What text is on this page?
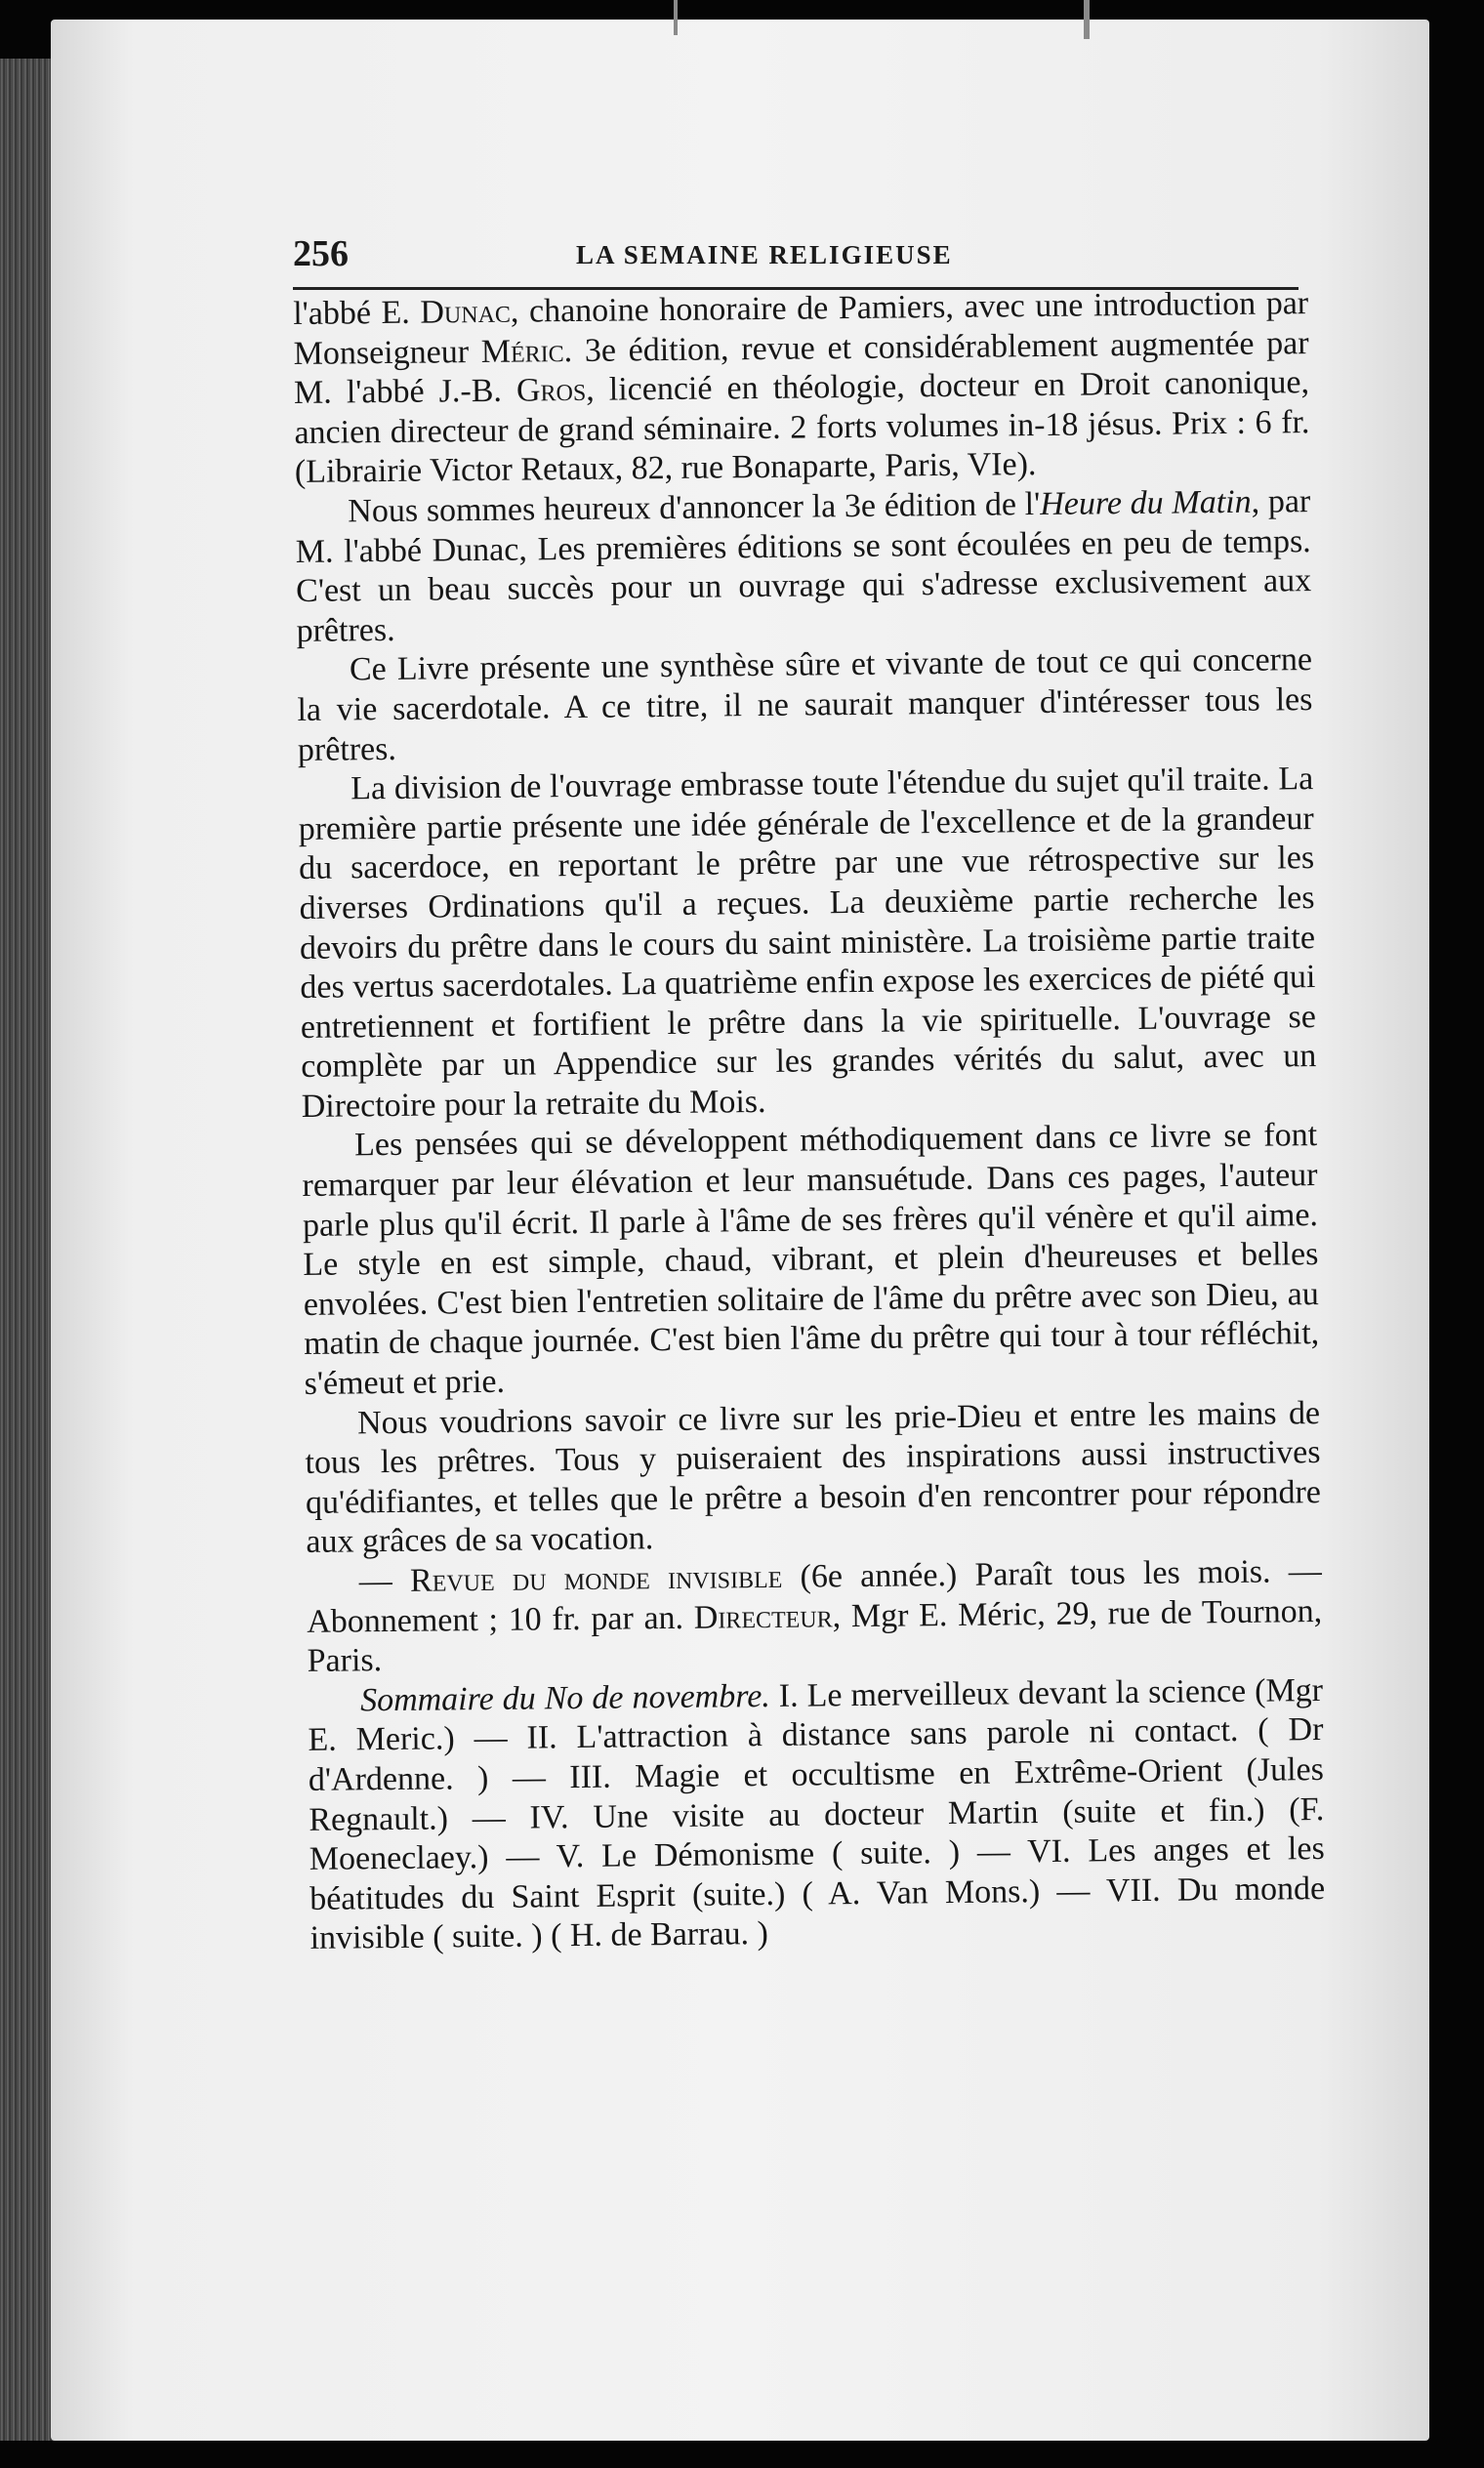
256	LA SEMAINE RELIGIEUSE

l'abbé E. Dunac, chanoine honoraire de Pamiers, avec une introduction par Monseigneur Méric. 3e édition, revue et considérablement augmentée par M. l'abbé J.-B. Gros, licencié en théologie, docteur en Droit canonique, ancien directeur de grand séminaire. 2 forts volumes in-18 jésus. Prix : 6 fr. (Librairie Victor Retaux, 82, rue Bonaparte, Paris, VIe).

Nous sommes heureux d'annoncer la 3e édition de l'Heure du Matin, par M. l'abbé Dunac, Les premières éditions se sont écoulées en peu de temps. C'est un beau succès pour un ouvrage qui s'adresse exclusivement aux prêtres.

Ce Livre présente une synthèse sûre et vivante de tout ce qui concerne la vie sacerdotale. A ce titre, il ne saurait manquer d'intéresser tous les prêtres.

La division de l'ouvrage embrasse toute l'étendue du sujet qu'il traite. La première partie présente une idée générale de l'excellence et de la grandeur du sacerdoce, en reportant le prêtre par une vue rétrospective sur les diverses Ordinations qu'il a reçues. La deuxième partie recherche les devoirs du prêtre dans le cours du saint ministère. La troisième partie traite des vertus sacerdotales. La quatrième enfin expose les exercices de piété qui entretiennent et fortifient le prêtre dans la vie spirituelle. L'ouvrage se complète par un Appendice sur les grandes vérités du salut, avec un Directoire pour la retraite du Mois.

Les pensées qui se développent méthodiquement dans ce livre se font remarquer par leur élévation et leur mansuétude. Dans ces pages, l'auteur parle plus qu'il écrit. Il parle à l'âme de ses frères qu'il vénère et qu'il aime. Le style en est simple, chaud, vibrant, et plein d'heureuses et belles envolées. C'est bien l'entretien solitaire de l'âme du prêtre avec son Dieu, au matin de chaque journée. C'est bien l'âme du prêtre qui tour à tour réfléchit, s'émeut et prie.

Nous voudrions savoir ce livre sur les prie-Dieu et entre les mains de tous les prêtres. Tous y puiseraient des inspirations aussi instructives qu'édifiantes, et telles que le prêtre a besoin d'en rencontrer pour répondre aux grâces de sa vocation.

— Revue du monde invisible (6e année.) Paraît tous les mois. — Abonnement ; 10 fr. par an. Directeur, Mgr E. Méric, 29, rue de Tournon, Paris.

Sommaire du No de novembre. I. Le merveilleux devant la science (Mgr E. Meric.) — II. L'attraction à distance sans parole ni contact. ( Dr d'Ardenne. ) — III. Magie et occultisme en Extrême-Orient (Jules Regnault.) — IV. Une visite au docteur Martin (suite et fin.) (F. Moeneclaey.) — V. Le Démonisme ( suite. ) — VI. Les anges et les béatitudes du Saint Esprit (suite.) ( A. Van Mons.) — VII. Du monde invisible ( suite. ) ( H. de Barrau. )
